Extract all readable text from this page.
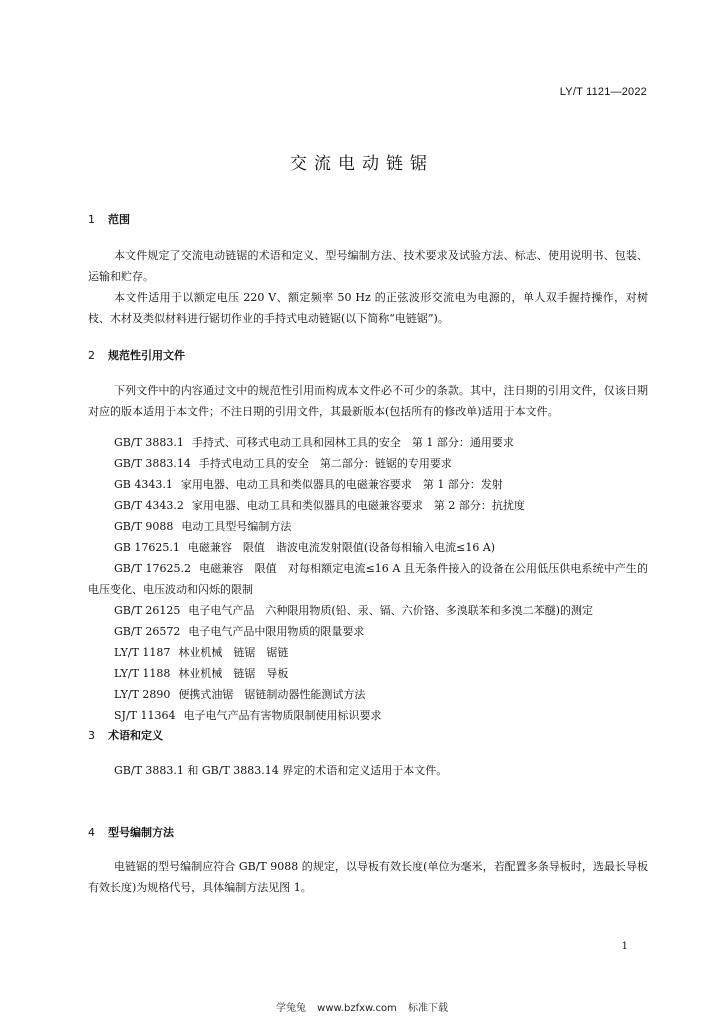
LY/T 1121—2022
交流电动链锯
1 范围
本文件规定了交流电动链锯的术语和定义、型号编制方法、技术要求及试验方法、标志、使用说明书、包装、运输和贮存。
本文件适用于以额定电压 220 V、额定频率 50 Hz 的正弦波形交流电为电源的，单人双手握持操作，对树枝、木材及类似材料进行锯切作业的手持式电动链锯(以下简称“电链锯”)。
2 规范性引用文件
下列文件中的内容通过文中的规范性引用而构成本文件必不可少的条款。其中，注日期的引用文件，仅该日期对应的版本适用于本文件；不注日期的引用文件，其最新版本(包括所有的修改单)适用于本文件。
GB/T 3883.1 手持式、可移式电动工具和园林工具的安全　第 1 部分：通用要求
GB/T 3883.14 手持式电动工具的安全　第二部分：链锯的专用要求
GB 4343.1 家用电器、电动工具和类似器具的电磁兼容要求　第 1 部分：发射
GB/T 4343.2 家用电器、电动工具和类似器具的电磁兼容要求　第 2 部分：抗扰度
GB/T 9088 电动工具型号编制方法
GB 17625.1 电磁兼容　限值　谐波电流发射限值(设备每相输入电流≤16 A)
GB/T 17625.2 电磁兼容　限值　对每相额定电流≤16 A 且无条件接入的设备在公用低压供电系统中产生的电压变化、电压波动和闪烁的限制
GB/T 26125 电子电气产品　六种限用物质(铅、汞、镉、六价铬、多溴联苯和多溴二苯醚)的测定
GB/T 26572 电子电气产品中限用物质的限量要求
LY/T 1187 林业机械　链锯　锯链
LY/T 1188 林业机械　链锯　导板
LY/T 2890 便携式油锯　锯链制动器性能测试方法
SJ/T 11364 电子电气产品有害物质限制使用标识要求
3 术语和定义
GB/T 3883.1 和 GB/T 3883.14 界定的术语和定义适用于本文件。
4 型号编制方法
电链锯的型号编制应符合 GB/T 9088 的规定，以导板有效长度(单位为毫米，若配置多条导板时，选最长导板有效长度)为规格代号，具体编制方法见图 1。
1
学兔兔 www.bzfxw.com 标准下载
